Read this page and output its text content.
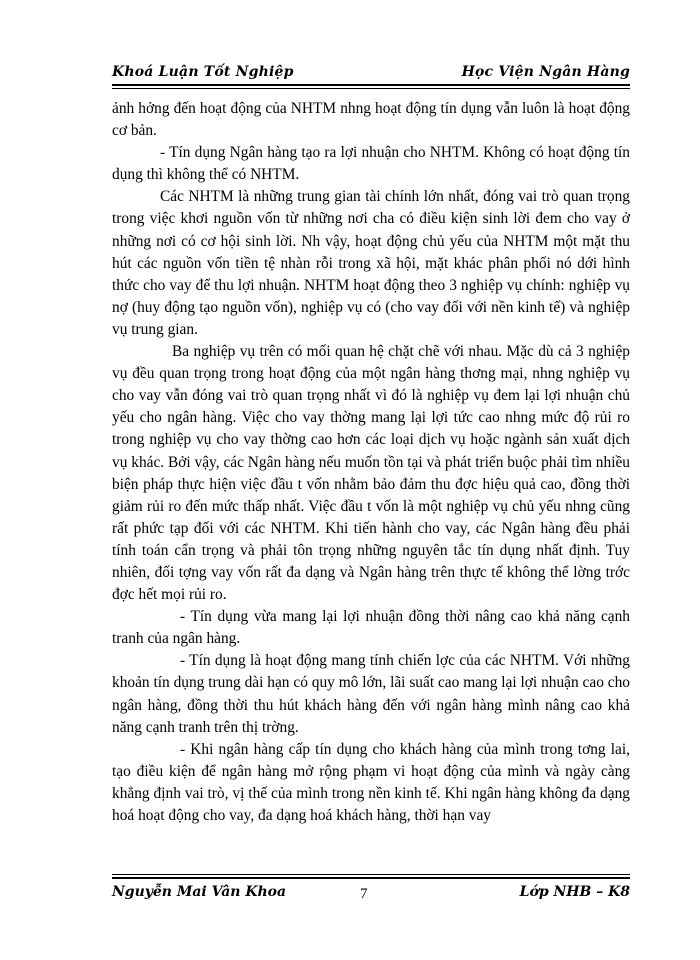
Khoá Luận Tốt Nghiệp	Học Viện Ngân Hàng

ảnh hởng đến hoạt động của NHTM nhng hoạt động tín dụng vẫn luôn là hoạt động cơ bản.

- Tín dụng Ngân hàng tạo ra lợi nhuận cho NHTM. Không có hoạt động tín dụng thì không thể có NHTM.

Các NHTM là những trung gian tài chính lớn nhất, đóng vai trò quan trọng trong việc khơi nguồn vốn từ những nơi cha có điều kiện sinh lời đem cho vay ở những nơi có cơ hội sinh lời. Nh vậy, hoạt động chủ yếu của NHTM một mặt thu hút các nguồn vốn tiền tệ nhàn rỗi trong xã hội, mặt khác phân phối nó dới hình thức cho vay để thu lợi nhuận. NHTM hoạt động theo 3 nghiệp vụ chính: nghiệp vụ nợ (huy động tạo nguồn vốn), nghiệp vụ có (cho vay đối với nền kinh tế) và nghiệp vụ trung gian.

Ba nghiệp vụ trên có mối quan hệ chặt chẽ với nhau. Mặc dù cả 3 nghiệp vụ đều quan trọng trong hoạt động của một ngân hàng thơng mại, nhng nghiệp vụ cho vay vẫn đóng vai trò quan trọng nhất vì đó là nghiệp vụ đem lại lợi nhuận chủ yếu cho ngân hàng. Việc cho vay thờng mang lại lợi tức cao nhng mức độ rủi ro trong nghiệp vụ cho vay thờng cao hơn các loại dịch vụ hoặc ngành sản xuất dịch vụ khác. Bởi vậy, các Ngân hàng nếu muốn tồn tại và phát triển buộc phải tìm nhiều biện pháp thực hiện việc đầu t vốn nhằm bảo đảm thu đợc hiệu quả cao, đồng thời giảm rủi ro đến mức thấp nhất. Việc đầu t vốn là một nghiệp vụ chủ yếu nhng cũng rất phức tạp đối với các NHTM. Khi tiến hành cho vay, các Ngân hàng đều phải tính toán cẩn trọng và phải tôn trọng những nguyên tắc tín dụng nhất định. Tuy nhiên, đối tợng vay vốn rất đa dạng và Ngân hàng trên thực tế không thể lờng trớc đợc hết mọi rủi ro.

- Tín dụng vừa mang lại lợi nhuận đồng thời nâng cao khả năng cạnh tranh của ngân hàng.

- Tín dụng là hoạt động mang tính chiến lợc của các NHTM. Với những khoản tín dụng trung dài hạn có quy mô lớn, lãi suất cao mang lại lợi nhuận cao cho ngân hàng, đồng thời thu hút khách hàng đến với ngân hàng mình nâng cao khả năng cạnh tranh trên thị trờng.

- Khi ngân hàng cấp tín dụng cho khách hàng của mình trong tơng lai, tạo điều kiện để ngân hàng mở rộng phạm vi hoạt động của mình và ngày càng khẳng định vai trò, vị thế của mình trong nền kinh tế. Khi ngân hàng không đa dạng hoá hoạt động cho vay, đa dạng hoá khách hàng, thời hạn vay

Nguyễn Mai Vân Khoa	7	Lớp NHB – K8
